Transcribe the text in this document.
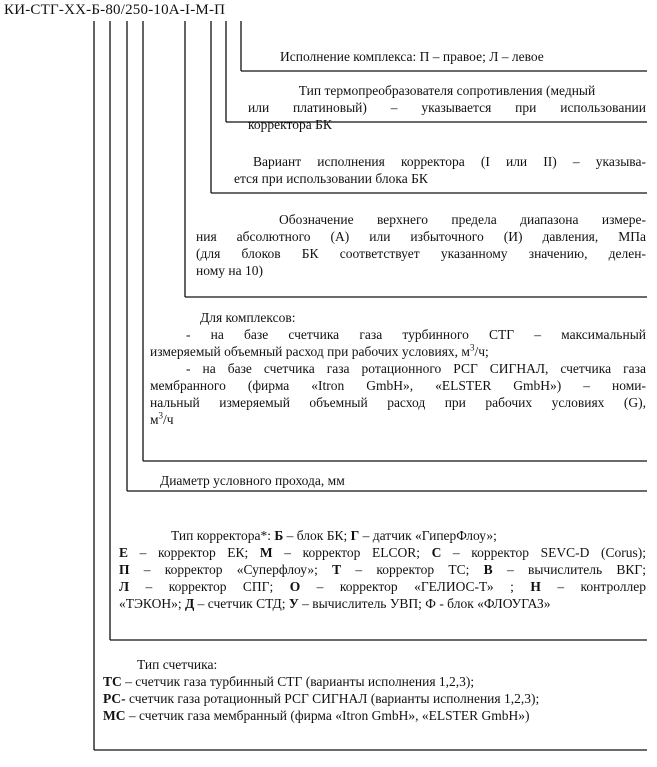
КИ-СТГ-ХХ-Б-80/250-10А-I-М-П

Исполнение комплекса: П – правое; Л – левое

Тип термопреобразователя сопротивления (медный

или платиновый) – указывается при использовании

корректора БК

Вариант исполнения корректора (I или II) – указыва-

ется при использовании блока БК

Обозначение верхнего предела диапазона измере-

ния абсолютного (А) или избыточного (И) давления, МПа

(для блоков БК соответствует указанному значению, делен-

ному на 10)

Для комплексов:

- на базе счетчика газа турбинного СТГ – максимальный

измеряемый объемный расход при рабочих условиях, $м^3/ч$;

- на базе счетчика газа ротационного РСГ СИГНАЛ, счетчика газа

мембранного (фирма «Itron GmbH», «ELSTER GmbH») – номи-

нальный измеряемый объемный расход при рабочих условиях (G),

$м^3/ч$

Диаметр условного прохода, мм

Тип корректора*: Б – блок БК; Г – датчик «ГиперФлоу»;

Е – корректор ЕК; М – корректор ELCOR; С – корректор SEVC-D (Corus);

П – корректор «Суперфлоу»; Т – корректор ТС; В – вычислитель ВКГ;

Л – корректор СПГ; О – корректор «ГЕЛИОС-Т» ; Н – контроллер

«ТЭКОН»; Д – счетчик СТД; У – вычислитель УВП; Ф - блок «ФЛОУГАЗ»

Тип счетчика:

ТС – счетчик газа турбинный СТГ (варианты исполнения 1,2,3);

РС- счетчик газа ротационный РСГ СИГНАЛ (варианты исполнения 1,2,3);

МС – счетчик газа мембранный (фирма «Itron GmbH», «ELSTER GmbH»)
